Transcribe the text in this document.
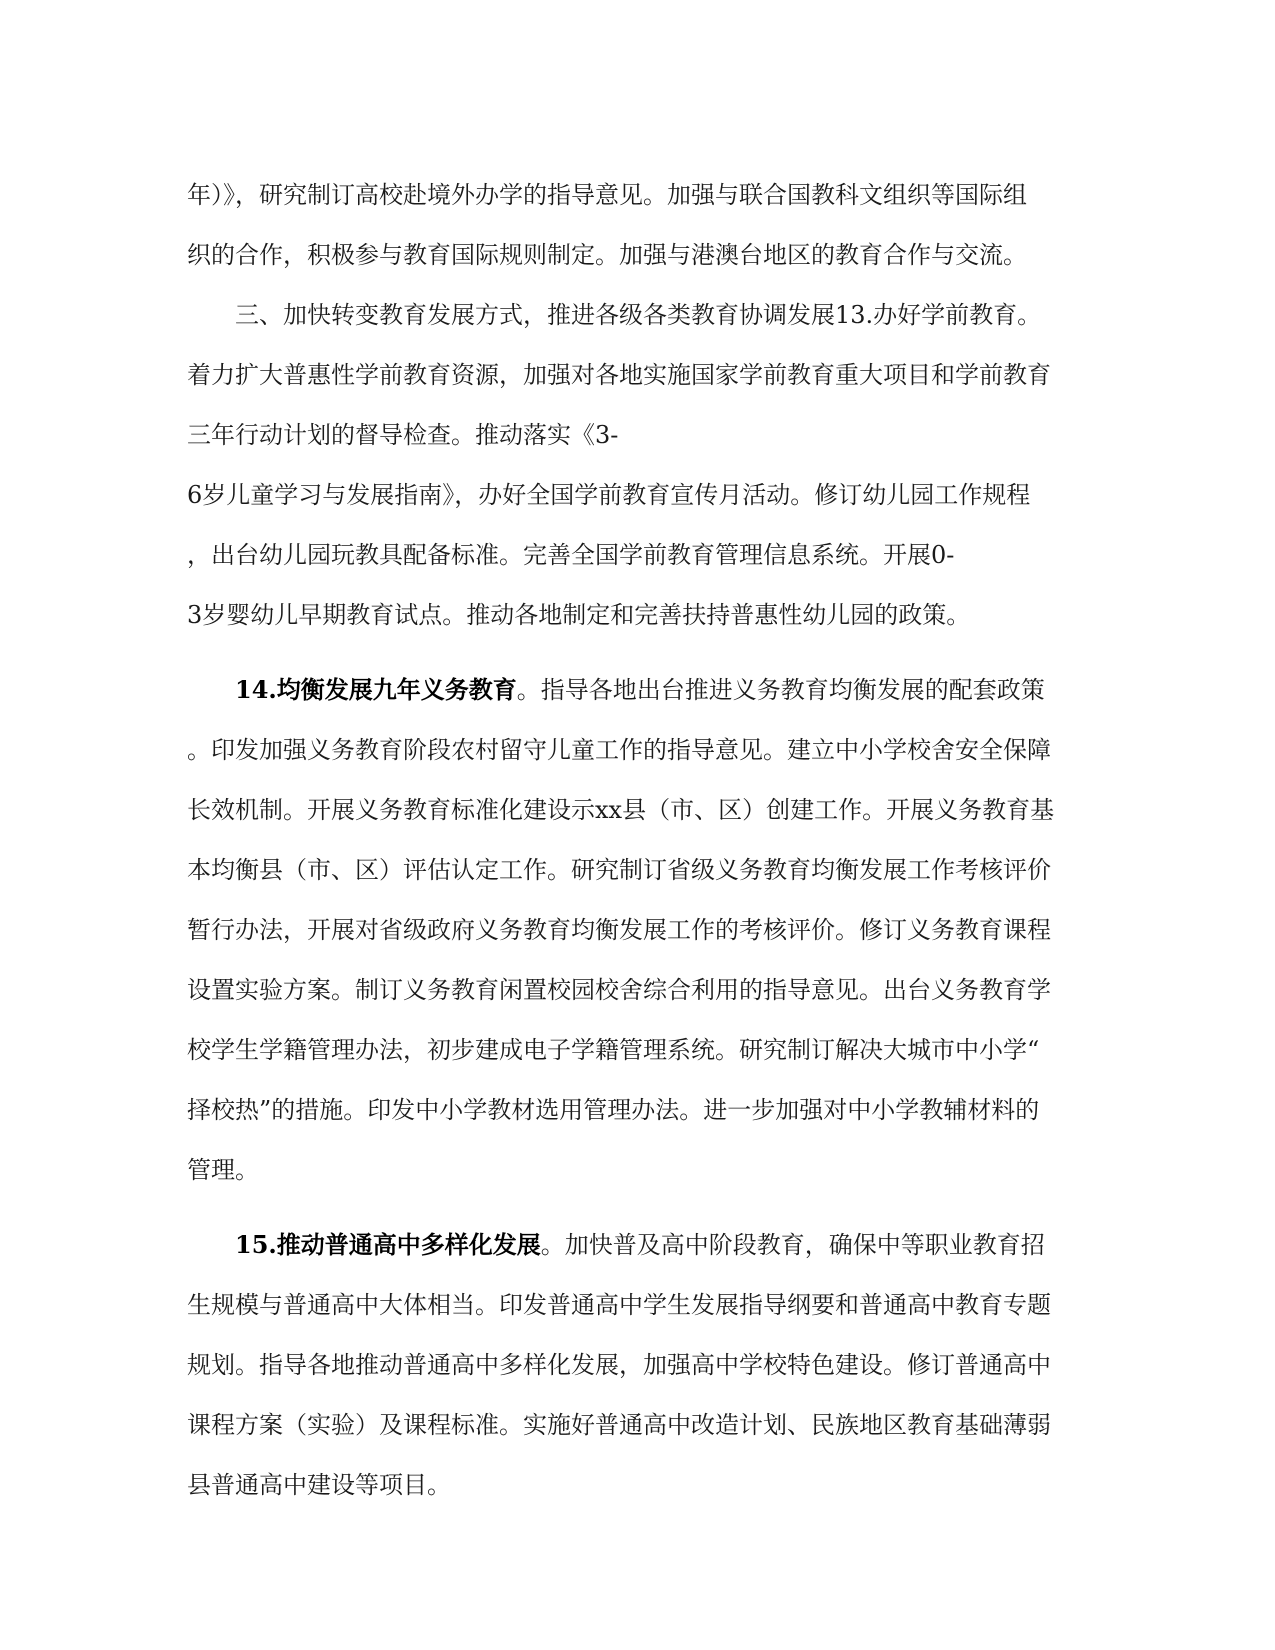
年）》，研究制订高校赴境外办学的指导意见。加强与联合国教科文组织等国际组
织的合作，积极参与教育国际规则制定。加强与港澳台地区的教育合作与交流。
三、加快转变教育发展方式，推进各级各类教育协调发展13.办好学前教育。
着力扩大普惠性学前教育资源，加强对各地实施国家学前教育重大项目和学前教育
三年行动计划的督导检查。推动落实《3-
6岁儿童学习与发展指南》，办好全国学前教育宣传月活动。修订幼儿园工作规程
，出台幼儿园玩教具配备标准。完善全国学前教育管理信息系统。开展0-
3岁婴幼儿早期教育试点。推动各地制定和完善扶持普惠性幼儿园的政策。
14.均衡发展九年义务教育。指导各地出台推进义务教育均衡发展的配套政策
。印发加强义务教育阶段农村留守儿童工作的指导意见。建立中小学校舍安全保障
长效机制。开展义务教育标准化建设示xx县（市、区）创建工作。开展义务教育基
本均衡县（市、区）评估认定工作。研究制订省级义务教育均衡发展工作考核评价
暂行办法，开展对省级政府义务教育均衡发展工作的考核评价。修订义务教育课程
设置实验方案。制订义务教育闲置校园校舍综合利用的指导意见。出台义务教育学
校学生学籍管理办法，初步建成电子学籍管理系统。研究制订解决大城市中小学“
择校热”的措施。印发中小学教材选用管理办法。进一步加强对中小学教辅材料的
管理。
15.推动普通高中多样化发展。加快普及高中阶段教育，确保中等职业教育招
生规模与普通高中大体相当。印发普通高中学生发展指导纲要和普通高中教育专题
规划。指导各地推动普通高中多样化发展，加强高中学校特色建设。修订普通高中
课程方案（实验）及课程标准。实施好普通高中改造计划、民族地区教育基础薄弱
县普通高中建设等项目。
